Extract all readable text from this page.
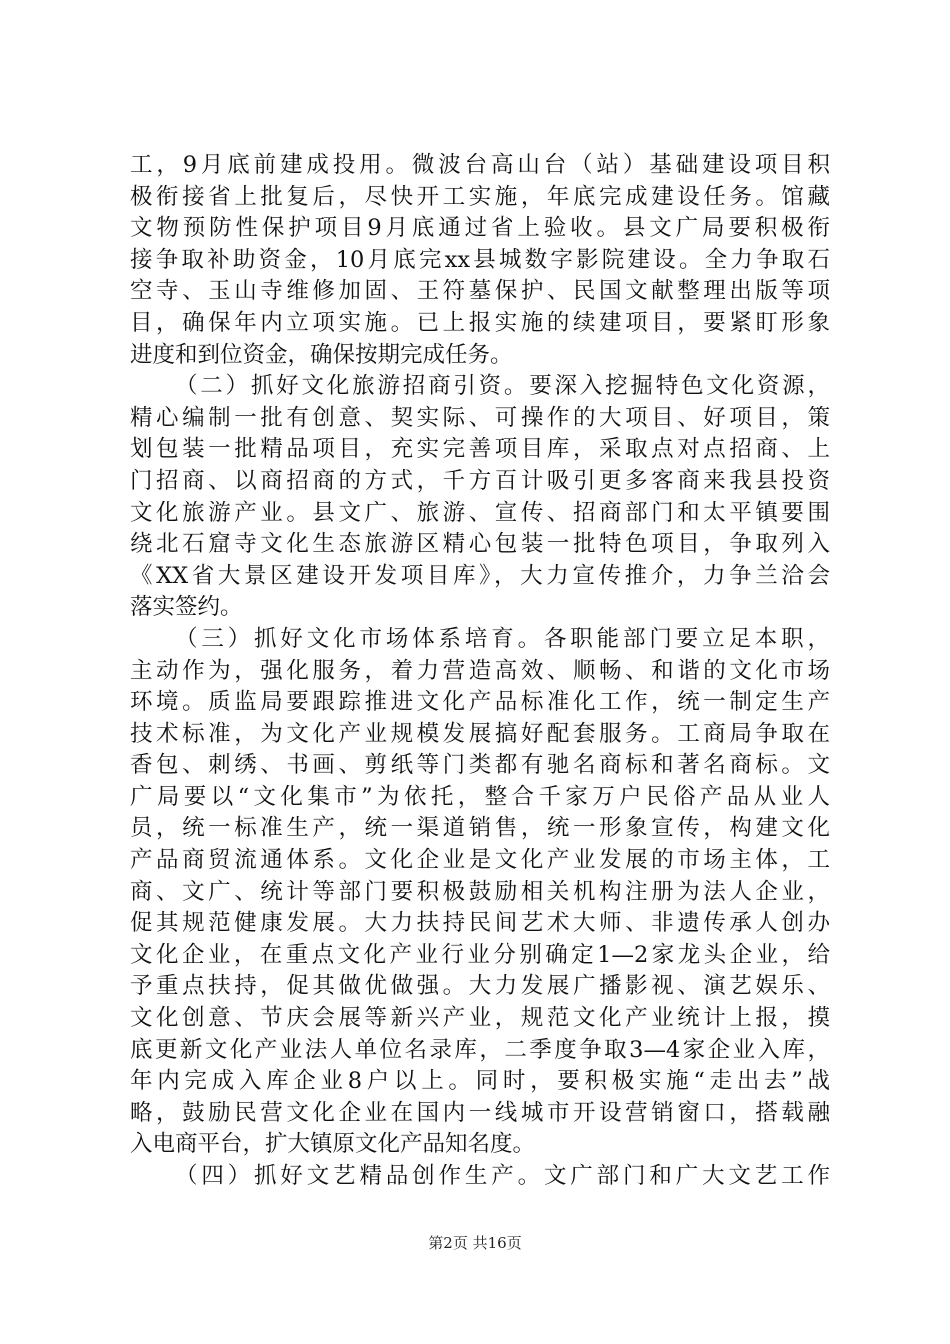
工，9月底前建成投用。微波台高山台（站）基础建设项目积
极衔接省上批复后，尽快开工实施，年底完成建设任务。馆藏
文物预防性保护项目9月底通过省上验收。县文广局要积极衔
接争取补助资金，10月底完xx县城数字影院建设。全力争取石
空寺、玉山寺维修加固、王符墓保护、民国文献整理出版等项
目，确保年内立项实施。已上报实施的续建项目，要紧盯形象
进度和到位资金，确保按期完成任务。
（二）抓好文化旅游招商引资。要深入挖掘特色文化资源，
精心编制一批有创意、契实际、可操作的大项目、好项目，策
划包装一批精品项目，充实完善项目库，采取点对点招商、上
门招商、以商招商的方式，千方百计吸引更多客商来我县投资
文化旅游产业。县文广、旅游、宣传、招商部门和太平镇要围
绕北石窟寺文化生态旅游区精心包装一批特色项目，争取列入
《XX省大景区建设开发项目库》，大力宣传推介，力争兰洽会
落实签约。
（三）抓好文化市场体系培育。各职能部门要立足本职，
主动作为，强化服务，着力营造高效、顺畅、和谐的文化市场
环境。质监局要跟踪推进文化产品标准化工作，统一制定生产
技术标准，为文化产业规模发展搞好配套服务。工商局争取在
香包、刺绣、书画、剪纸等门类都有驰名商标和著名商标。文
广局要以“文化集市”为依托，整合千家万户民俗产品从业人
员，统一标准生产，统一渠道销售，统一形象宣传，构建文化
产品商贸流通体系。文化企业是文化产业发展的市场主体，工
商、文广、统计等部门要积极鼓励相关机构注册为法人企业，
促其规范健康发展。大力扶持民间艺术大师、非遗传承人创办
文化企业，在重点文化产业行业分别确定1—2家龙头企业，给
予重点扶持，促其做优做强。大力发展广播影视、演艺娱乐、
文化创意、节庆会展等新兴产业，规范文化产业统计上报，摸
底更新文化产业法人单位名录库，二季度争取3—4家企业入库，
年内完成入库企业8户以上。同时，要积极实施“走出去”战
略，鼓励民营文化企业在国内一线城市开设营销窗口，搭载融
入电商平台，扩大镇原文化产品知名度。
（四）抓好文艺精品创作生产。文广部门和广大文艺工作
第2页 共16页
